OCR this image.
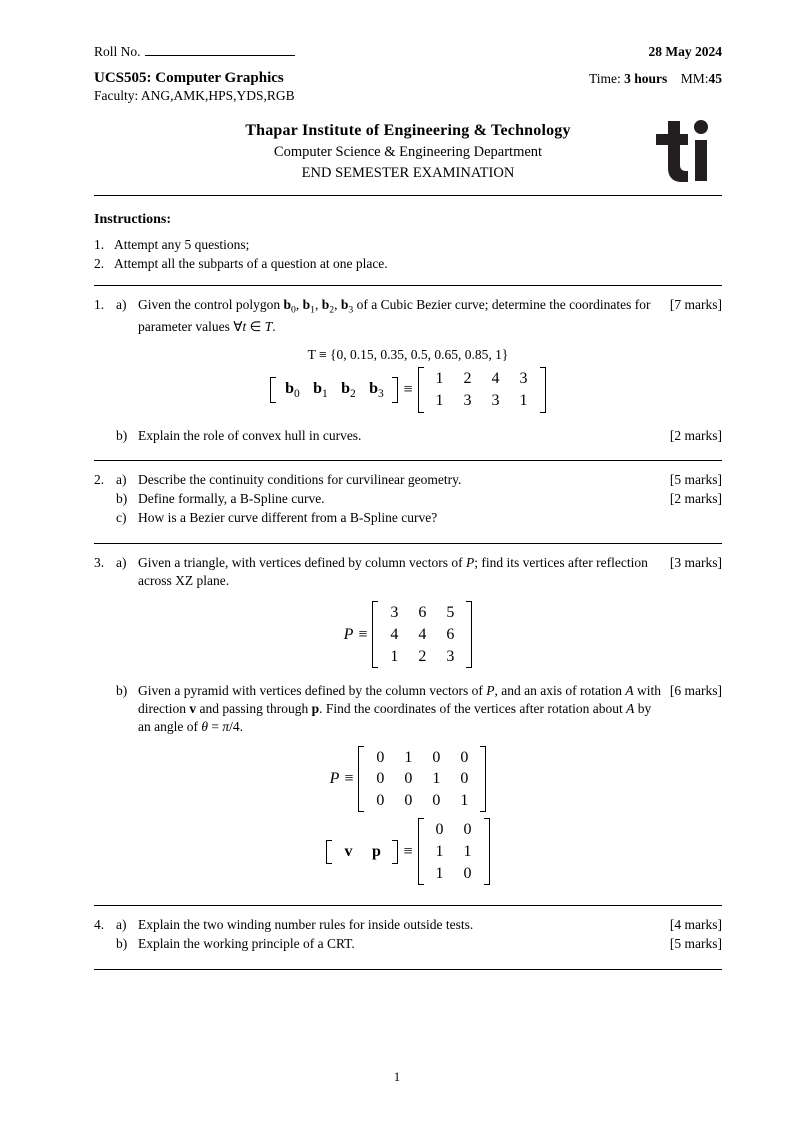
Roll No.	28 May 2024
UCS505: Computer Graphics	Time: 3 hours MM:45
Faculty: ANG,AMK,HPS,YDS,RGB
Thapar Institute of Engineering & Technology
Computer Science & Engineering Department
END SEMESTER EXAMINATION
Instructions:
1. Attempt any 5 questions;
2. Attempt all the subparts of a question at one place.
1. a) Given the control polygon $b_0$, $b_1$, $b_2$, $b_3$ of a Cubic Bezier curve; determine the coordinates for parameter values ∀t ∈ T.
[7 marks]
T ≡ {0, 0.15, 0.35, 0.5, 0.65, 0.85, 1}
$b_0$ $b_1$ $b_2$ $b_3$	≡
1	2	4	3
1	3	3	1
b) Explain the role of convex hull in curves.	[2 marks]
2. a) Describe the continuity conditions for curvilinear geometry.	[5 marks]
b) Define formally, a B-Spline curve.	[2 marks]
c) How is a Bezier curve different from a B-Spline curve?
3. a) Given a triangle, with vertices defined by column vectors of P; find its vertices after reflection across XZ plane.
[3 marks]
P ≡
3	6	5
4	4	6
1	2	3
b) Given a pyramid with vertices defined by the column vectors of P, and an axis of rotation A with direction v and passing through p. Find the coordinates of the vertices after rotation about A by an angle of θ = π/4.
[6 marks]
P ≡
0	1	0	0
0	0	1	0
0	0	0	1
v	p	≡
0	0
1	1
1	0
4. a) Explain the two winding number rules for inside outside tests.	[4 marks]
b) Explain the working principle of a CRT.	[5 marks]
1
